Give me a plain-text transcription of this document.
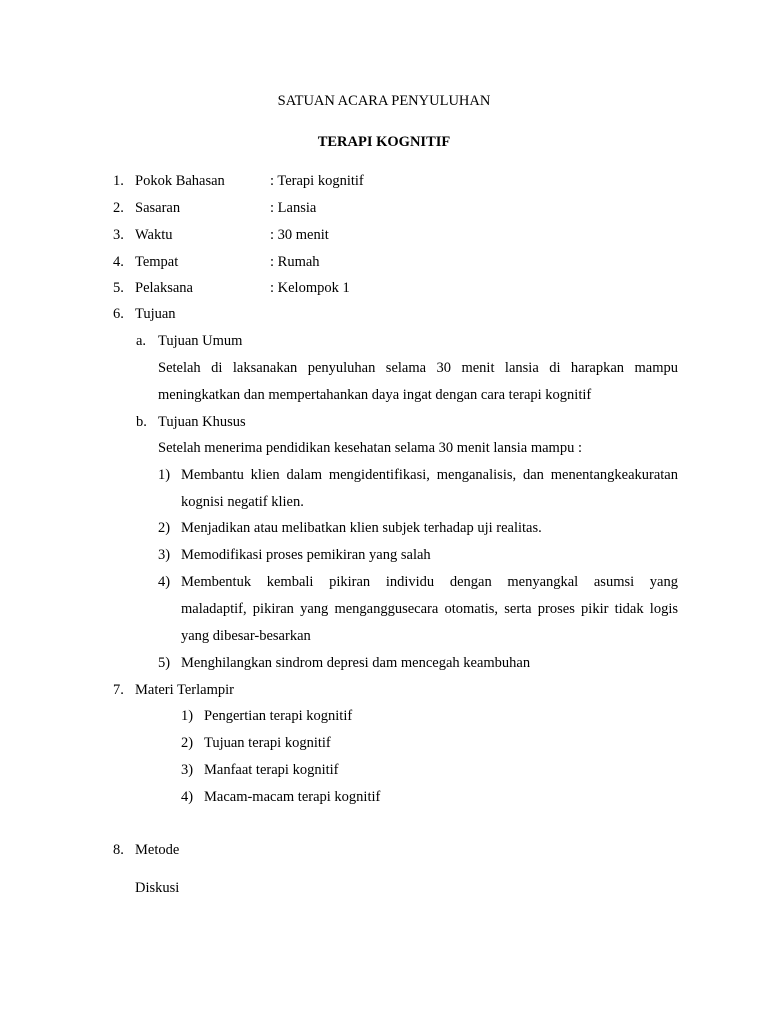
SATUAN ACARA PENYULUHAN
TERAPI KOGNITIF
1. Pokok Bahasan	: Terapi kognitif
2. Sasaran	: Lansia
3. Waktu	: 30 menit
4. Tempat	: Rumah
5. Pelaksana	: Kelompok 1
6. Tujuan
a. Tujuan Umum
Setelah di laksanakan penyuluhan selama 30 menit lansia di harapkan mampu
meningkatkan dan mempertahankan daya ingat dengan cara terapi kognitif
b. Tujuan Khusus
Setelah menerima pendidikan kesehatan selama 30 menit lansia mampu :
1) Membantu klien dalam mengidentifikasi, menganalisis, dan menentangkeakuratan
kognisi negatif klien.
2) Menjadikan atau melibatkan klien subjek terhadap uji realitas.
3) Memodifikasi proses pemikiran yang salah
4) Membentuk kembali pikiran individu dengan menyangkal asumsi yang
maladaptif, pikiran yang menganggusecara otomatis, serta proses pikir tidak logis
yang dibesar-besarkan
5) Menghilangkan sindrom depresi dam mencegah keambuhan
7. Materi Terlampir
1) Pengertian terapi kognitif
2) Tujuan terapi kognitif
3) Manfaat terapi kognitif
4) Macam-macam terapi kognitif
8. Metode
Diskusi
